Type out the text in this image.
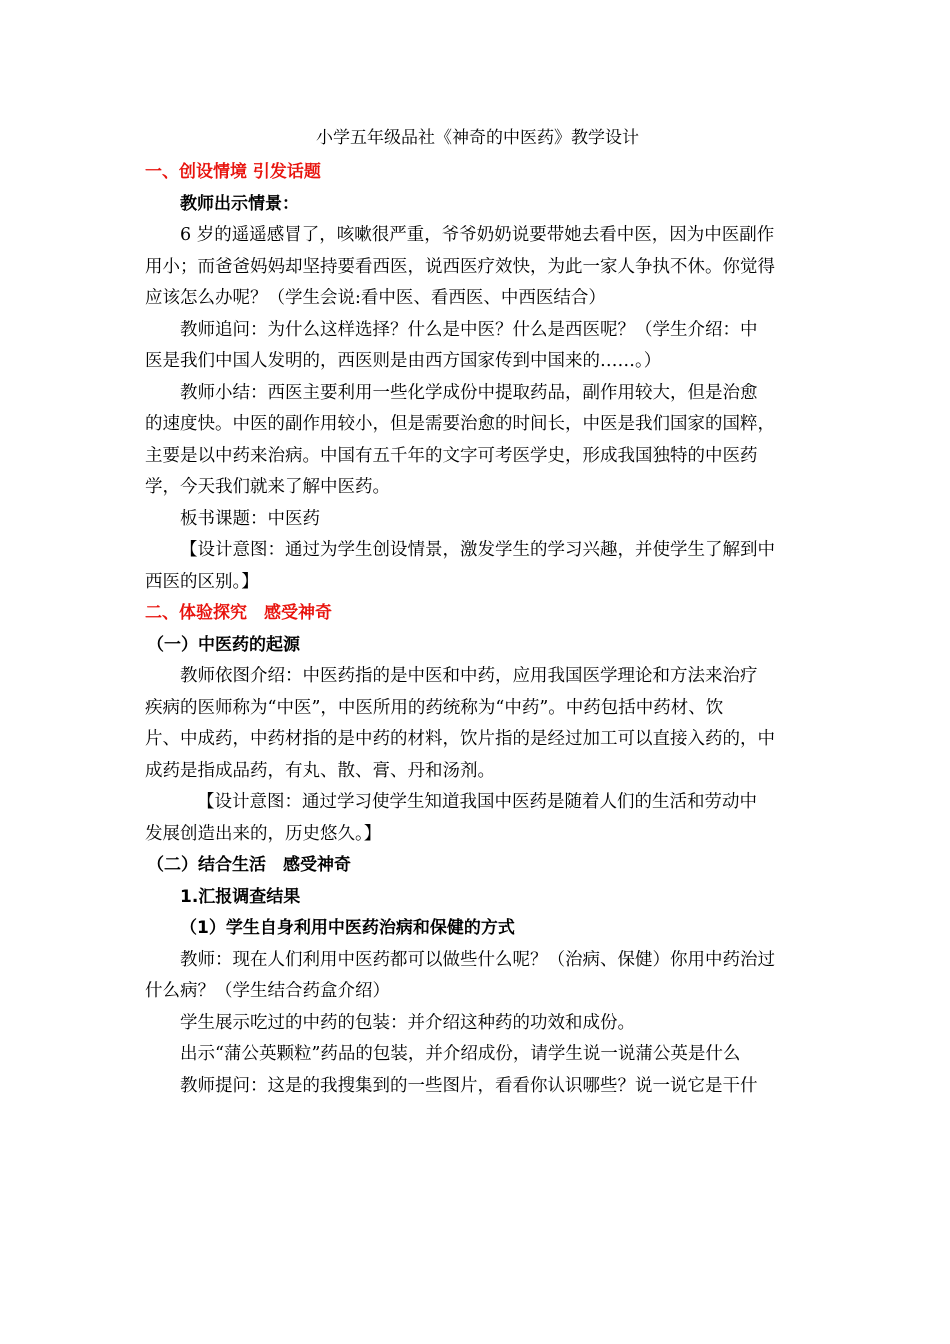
小学五年级品社《神奇的中医药》教学设计
一、创设情境 引发话题
教师出示情景：
6 岁的遥遥感冒了，咳嗽很严重，爷爷奶奶说要带她去看中医，因为中医副作
用小；而爸爸妈妈却坚持要看西医，说西医疗效快，为此一家人争执不休。你觉得
应该怎么办呢？（学生会说:看中医、看西医、中西医结合）
教师追问：为什么这样选择？什么是中医？什么是西医呢？（学生介绍：中
医是我们中国人发明的，西医则是由西方国家传到中国来的……。）
教师小结：西医主要利用一些化学成份中提取药品，副作用较大，但是治愈
的速度快。中医的副作用较小，但是需要治愈的时间长，中医是我们国家的国粹，
主要是以中药来治病。中国有五千年的文字可考医学史，形成我国独特的中医药
学，今天我们就来了解中医药。
板书课题：中医药
【设计意图：通过为学生创设情景，激发学生的学习兴趣，并使学生了解到中
西医的区别。】
二、体验探究　感受神奇
（一）中医药的起源
教师依图介绍：中医药指的是中医和中药，应用我国医学理论和方法来治疗
疾病的医师称为“中医”，中医所用的药统称为“中药”。中药包括中药材、饮
片、中成药，中药材指的是中药的材料，饮片指的是经过加工可以直接入药的，中
成药是指成品药，有丸、散、膏、丹和汤剂。
【设计意图：通过学习使学生知道我国中医药是随着人们的生活和劳动中
发展创造出来的，历史悠久。】
（二）结合生活　感受神奇
1.汇报调查结果
（1）学生自身利用中医药治病和保健的方式
教师：现在人们利用中医药都可以做些什么呢？（治病、保健）你用中药治过
什么病？（学生结合药盒介绍）
学生展示吃过的中药的包装：并介绍这种药的功效和成份。
出示“蒲公英颗粒”药品的包装，并介绍成份，请学生说一说蒲公英是什么
教师提问：这是的我搜集到的一些图片，看看你认识哪些？说一说它是干什
